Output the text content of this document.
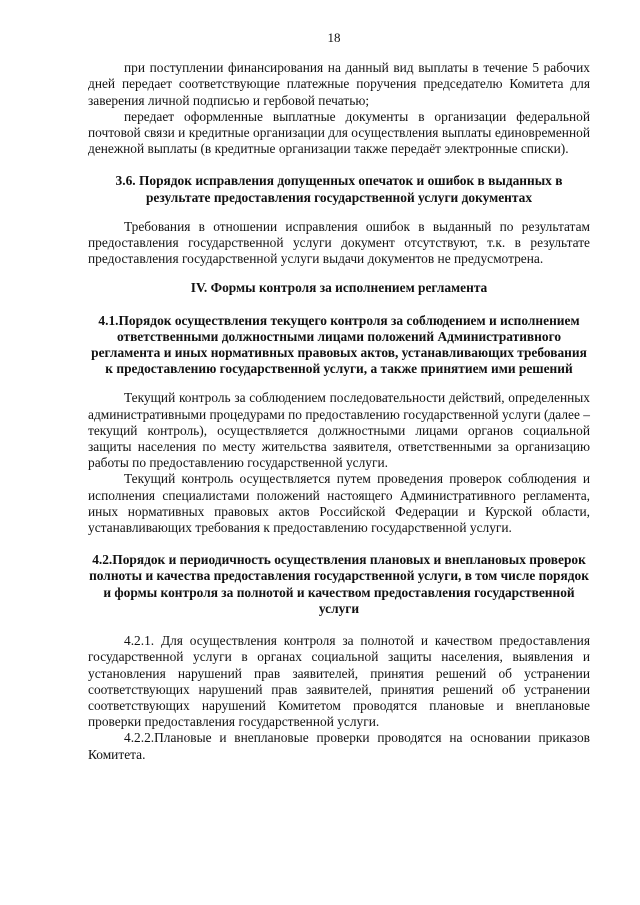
18

при поступлении финансирования на данный вид выплаты в течение 5 рабочих дней передает соответствующие платежные поручения председателю Комитета для заверения личной подписью и гербовой печатью;

передает оформленные выплатные документы в организации федеральной почтовой связи и кредитные организации для осуществления выплаты единовременной денежной выплаты (в кредитные организации также передаёт электронные списки).

3.6. Порядок исправления допущенных опечаток и ошибок в выданных в результате предоставления государственной услуги документах

Требования в отношении исправления ошибок в выданный по результатам предоставления государственной услуги документ отсутствуют, т.к. в результате предоставления государственной услуги выдачи документов не предусмотрена.

IV. Формы контроля за исполнением регламента
4.1.Порядок осуществления текущего контроля за соблюдением и исполнением ответственными должностными лицами положений Административного регламента и иных нормативных правовых актов, устанавливающих требования к предоставлению государственной услуги, а также принятием ими решений

Текущий контроль за соблюдением последовательности действий, определенных административными процедурами по предоставлению государственной услуги (далее – текущий контроль), осуществляется должностными лицами органов социальной защиты населения по месту жительства заявителя, ответственными за организацию работы по предоставлению государственной услуги.

Текущий контроль осуществляется путем проведения проверок соблюдения и исполнения специалистами положений настоящего Административного регламента, иных нормативных правовых актов Российской Федерации и Курской области, устанавливающих требования к предоставлению государственной услуги.

4.2.Порядок и периодичность осуществления плановых и внеплановых проверок полноты и качества предоставления государственной услуги, в том числе порядок и формы контроля за полнотой и качеством предоставления государственной услуги

4.2.1. Для осуществления контроля за полнотой и качеством предоставления государственной услуги в органах социальной защиты населения, выявления и установления нарушений прав заявителей, принятия решений об устранении соответствующих нарушений прав заявителей, принятия решений об устранении соответствующих нарушений Комитетом проводятся плановые и внеплановые проверки предоставления государственной услуги.

4.2.2.Плановые и внеплановые проверки проводятся на основании приказов Комитета.
